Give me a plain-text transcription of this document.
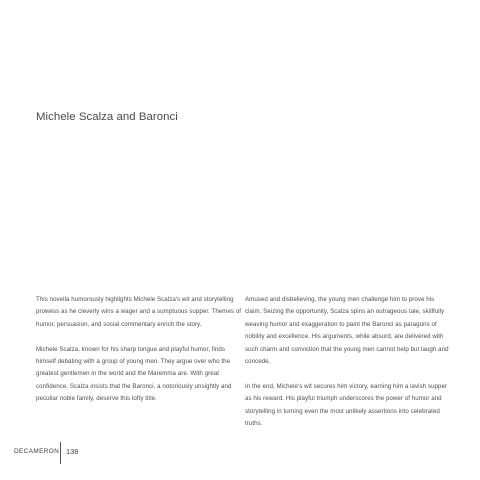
Michele Scalza and Baronci

This novella humorously highlights Michele Scalza's wit and storytelling prowess as he cleverly wins a wager and a sumptuous supper. Themes of humor, persuasion, and social commentary enrich the story.

Michele Scalza, known for his sharp tongue and playful humor, finds himself debating with a group of young men. They argue over who the greatest gentlemen in the world and the Maremma are. With great confidence, Scalza insists that the Baronci, a notoriously unsightly and peculiar noble family, deserve this lofty title.

Amused and disbelieving, the young men challenge him to prove his claim. Seizing the opportunity, Scalza spins an outrageous tale, skillfully weaving humor and exaggeration to paint the Baronci as paragons of nobility and excellence. His arguments, while absurd, are delivered with such charm and conviction that the young men cannot help but laugh and concede.

In the end, Michele's wit secures him victory, earning him a lavish supper as his reward. His playful triumph underscores the power of humor and storytelling in turning even the most unlikely assertions into celebrated truths.

DECAMERON 138
